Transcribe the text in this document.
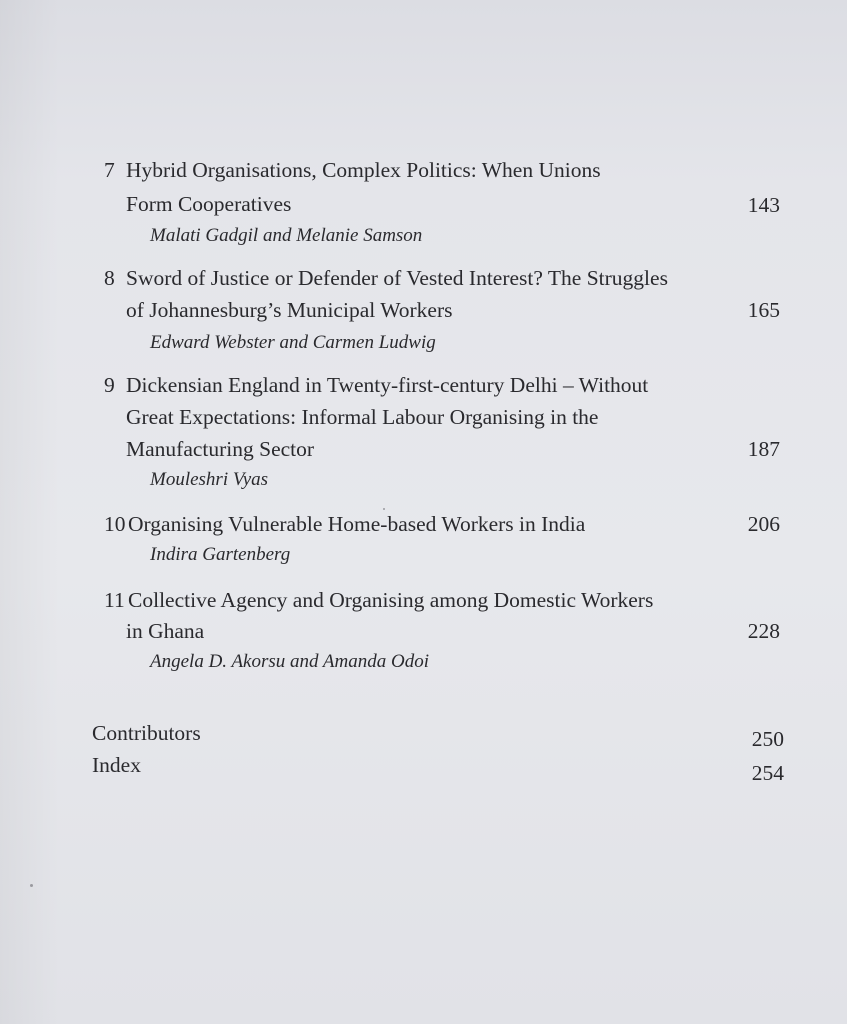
7 Hybrid Organisations, Complex Politics: When Unions
Form Cooperatives	143
Malati Gadgil and Melanie Samson
8 Sword of Justice or Defender of Vested Interest? The Struggles
of Johannesburg’s Municipal Workers	165
Edward Webster and Carmen Ludwig
9 Dickensian England in Twenty-first-century Delhi – Without
Great Expectations: Informal Labour Organising in the
Manufacturing Sector	187
Mouleshri Vyas
10 Organising Vulnerable Home-based Workers in India	206
Indira Gartenberg
11 Collective Agency and Organising among Domestic Workers
in Ghana	228
Angela D. Akorsu and Amanda Odoi
Contributors	250
Index	254
